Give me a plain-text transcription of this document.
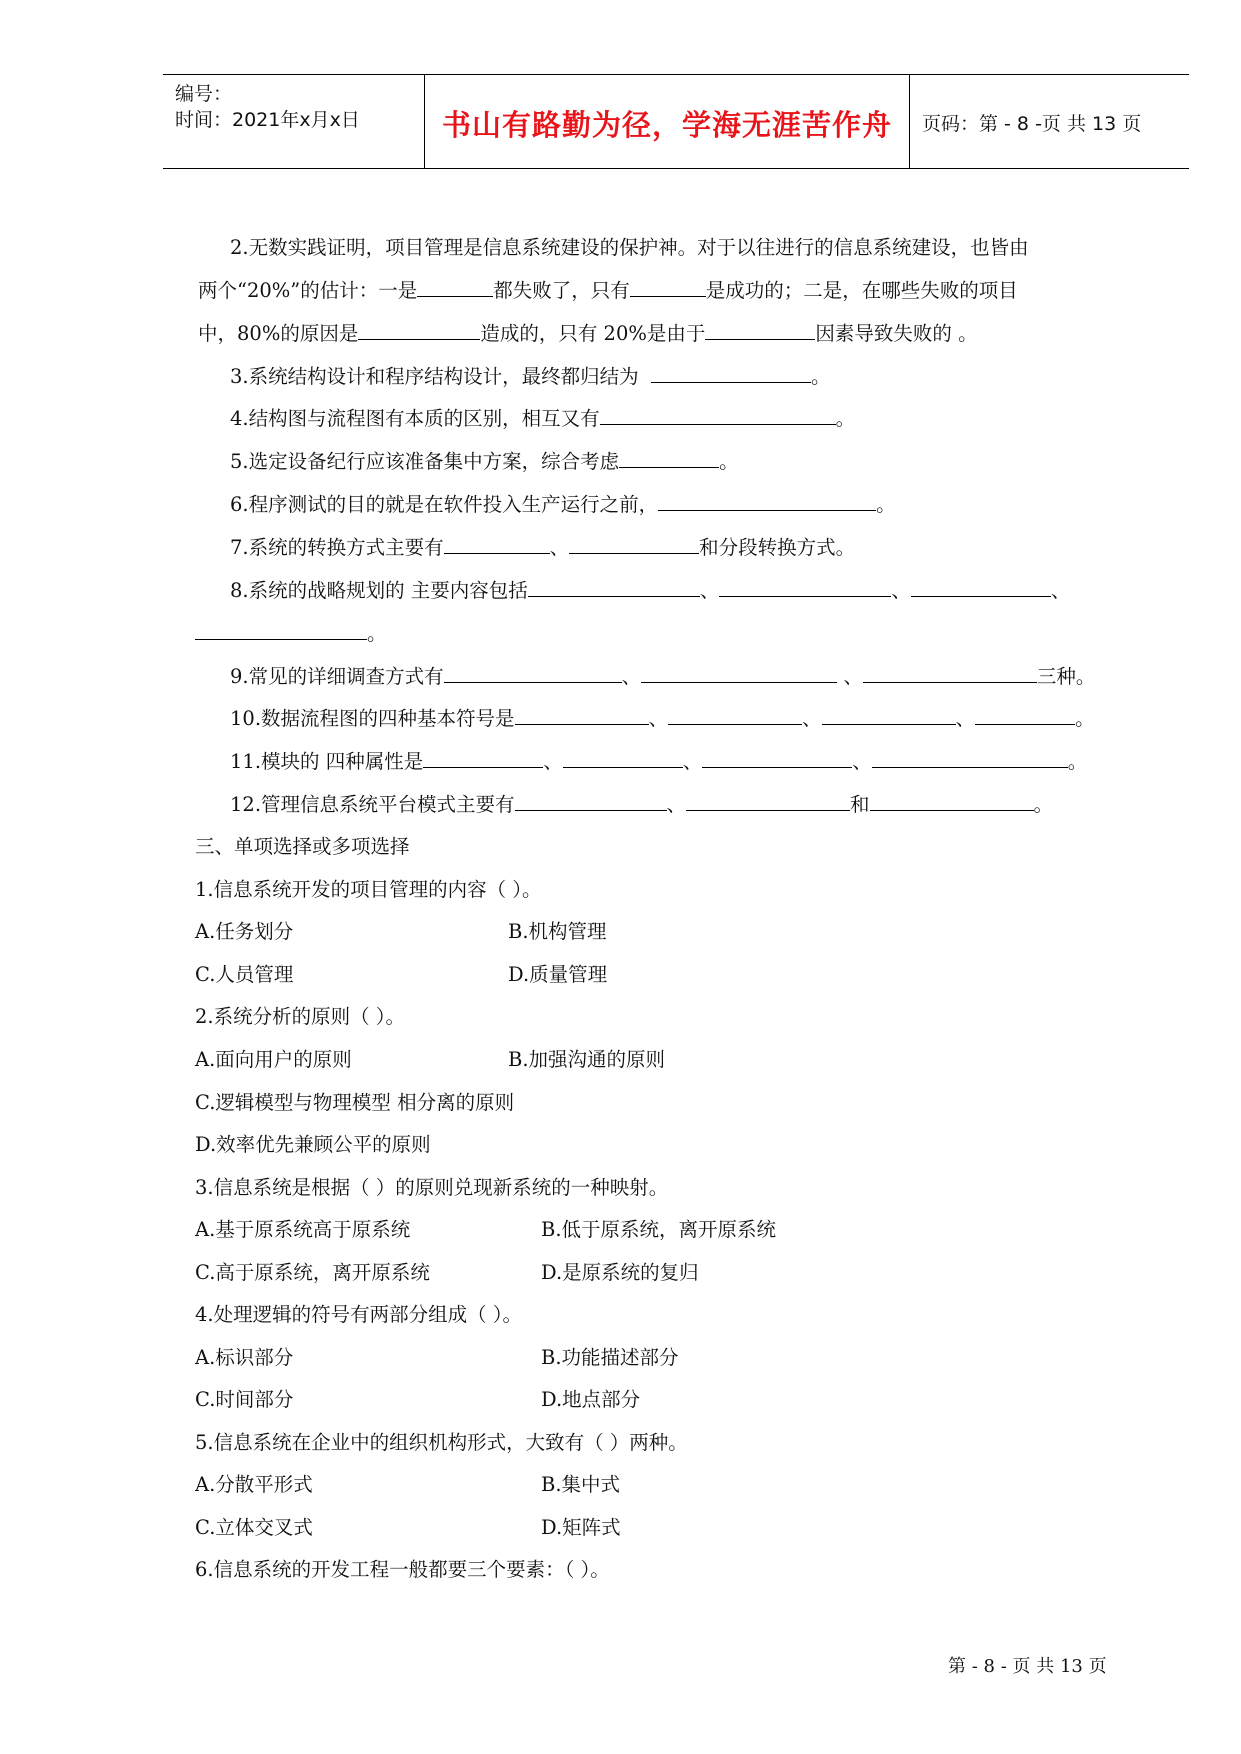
编号：
时间：2021年x月x日	书山有路勤为径，学海无涯苦作舟	页码：第 - 8 -页 共 13 页
2.无数实践证明，项目管理是信息系统建设的保护神。对于以往进行的信息系统建设，也皆由
两个“20%”的估计：一是	都失败了，只有	是成功的；二是，在哪些失败的项目
中，80%的原因是	造成的，只有 20%是由于	因素导致失败的 。
3.系统结构设计和程序结构设计，最终都归结为	。
4.结构图与流程图有本质的区别，相互又有	。
5.选定设备纪行应该准备集中方案，综合考虑	。
6.程序测试的目的就是在软件投入生产运行之前，	。
7.系统的转换方式主要有	、	和分段转换方式。
8.系统的战略规划的 主要内容包括	、	、	、
。
9.常见的详细调查方式有	、	、	三种。
10.数据流程图的四种基本符号是	、	、	、	。
11.模块的 四种属性是	、	、	、	。
12.管理信息系统平台模式主要有	、	和	。
三、单项选择或多项选择
1.信息系统开发的项目管理的内容（ ）。
A.任务划分	B.机构管理
C.人员管理	D.质量管理
2.系统分析的原则（ ）。
A.面向用户的原则	B.加强沟通的原则
C.逻辑模型与物理模型 相分离的原则
D.效率优先兼顾公平的原则
3.信息系统是根据（ ）的原则兑现新系统的一种映射。
A.基于原系统高于原系统	B.低于原系统，离开原系统
C.高于原系统，离开原系统	D.是原系统的复归
4.处理逻辑的符号有两部分组成（ ）。
A.标识部分	B.功能描述部分
C.时间部分	D.地点部分
5.信息系统在企业中的组织机构形式，大致有（ ）两种。
A.分散平形式	B.集中式
C.立体交叉式	D.矩阵式
6.信息系统的开发工程一般都要三个要素：（ ）。
第 - 8 - 页 共 13 页
